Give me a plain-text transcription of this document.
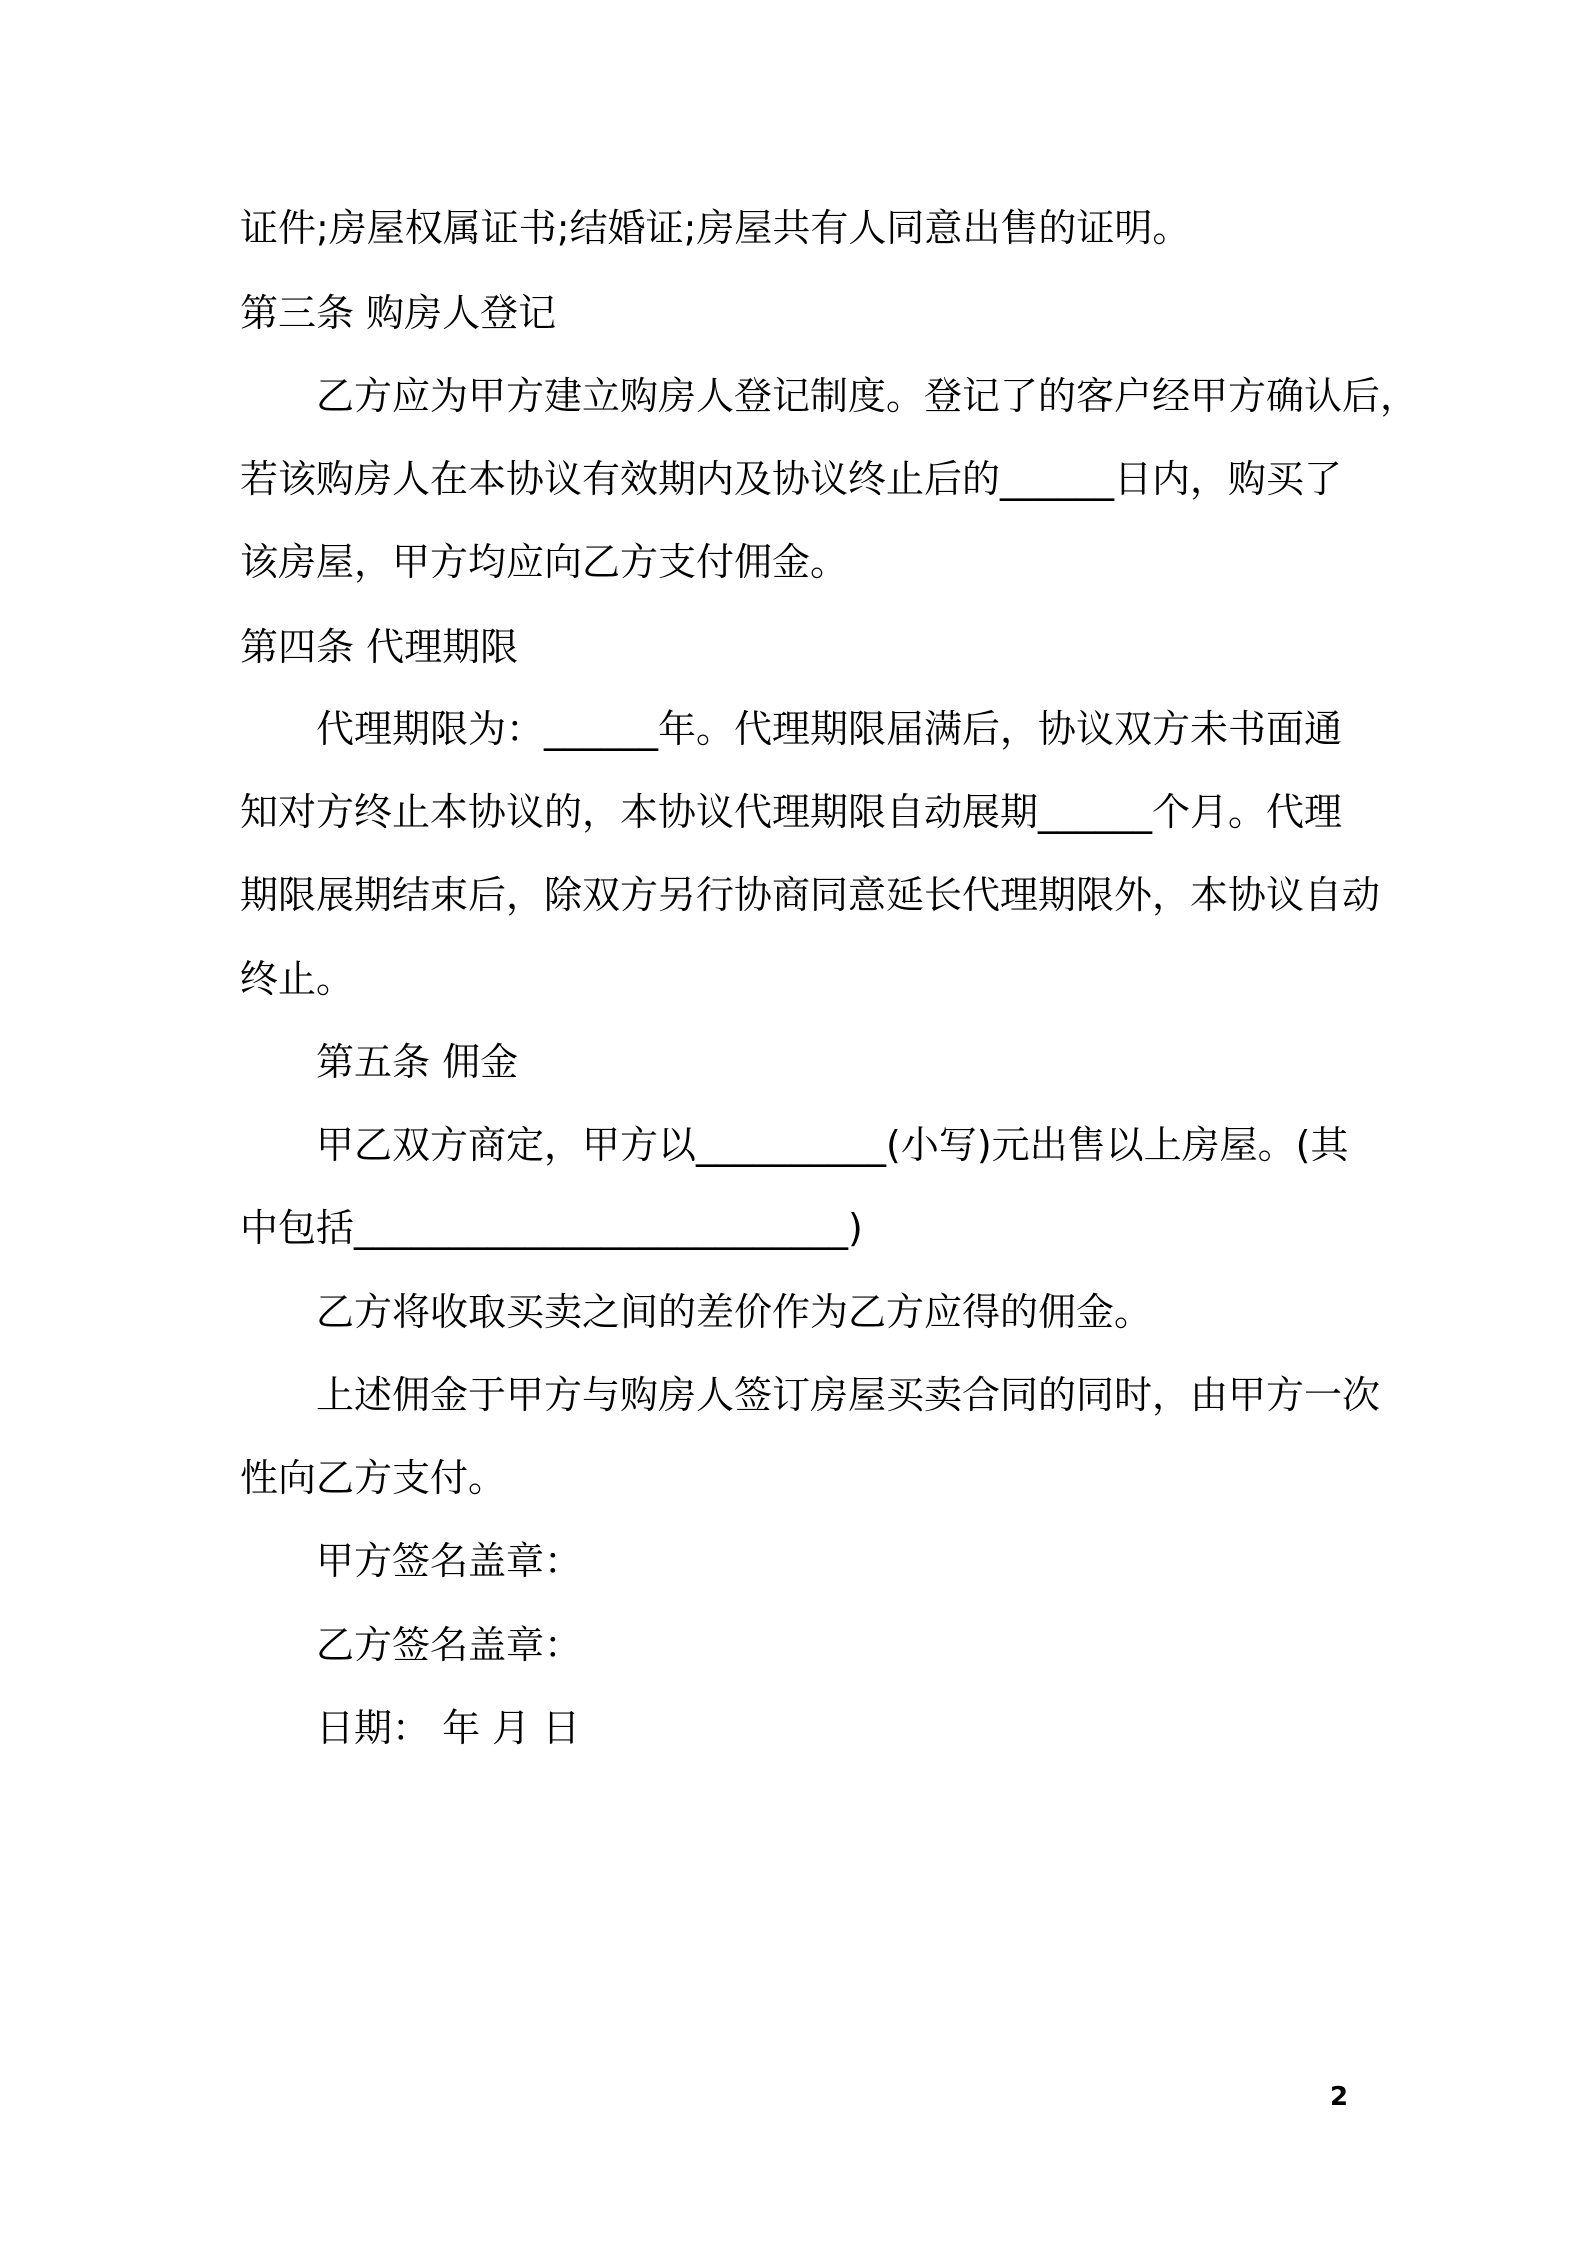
证件;房屋权属证书;结婚证;房屋共有人同意出售的证明。
第三条 购房人登记
乙方应为甲方建立购房人登记制度。登记了的客户经甲方确认后，
若该购房人在本协议有效期内及协议终止后的______日内，购买了
该房屋，甲方均应向乙方支付佣金。
第四条 代理期限
代理期限为：______年。代理期限届满后，协议双方未书面通
知对方终止本协议的，本协议代理期限自动展期______个月。代理
期限展期结束后，除双方另行协商同意延长代理期限外，本协议自动
终止。
第五条 佣金
甲乙双方商定，甲方以__________(小写)元出售以上房屋。(其
中包括__________________________)
乙方将收取买卖之间的差价作为乙方应得的佣金。
上述佣金于甲方与购房人签订房屋买卖合同的同时，由甲方一次
性向乙方支付。
甲方签名盖章：
乙方签名盖章：
日期： 年 月 日
2
